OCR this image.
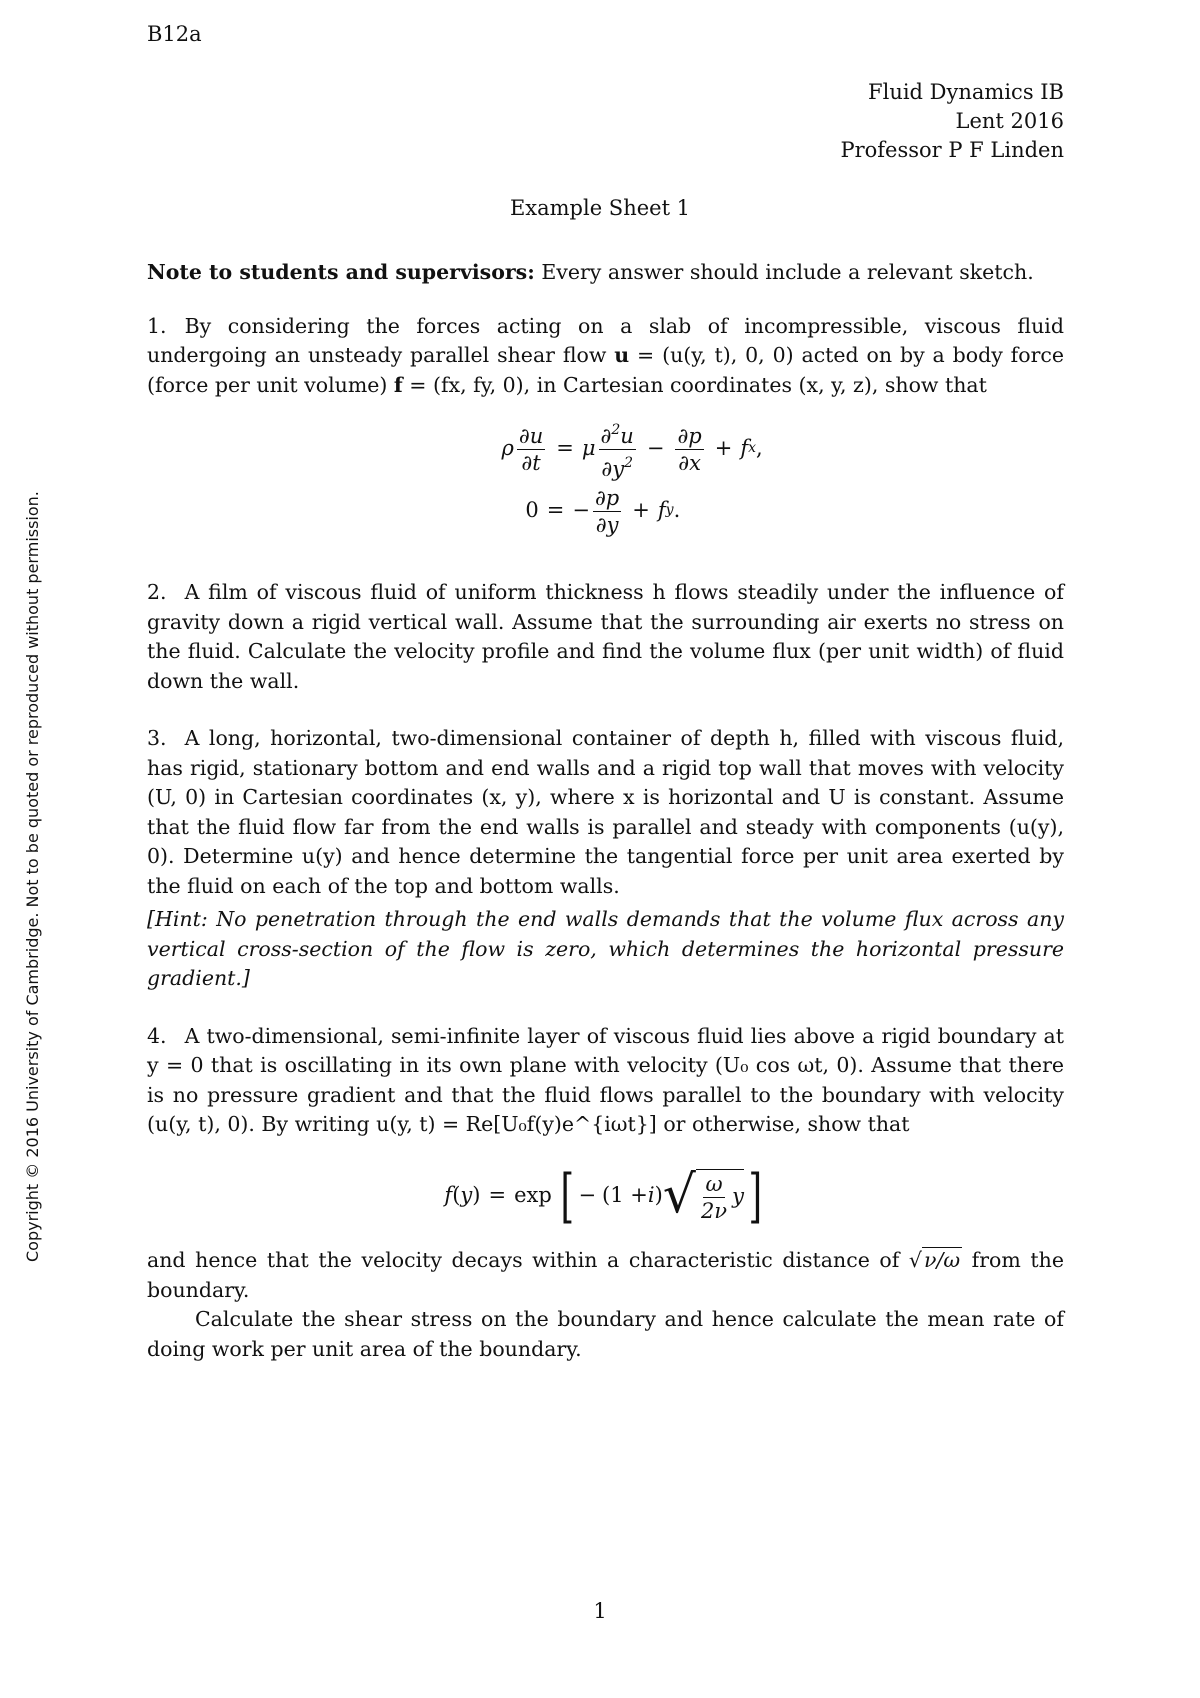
B12a
Fluid Dynamics IB
Lent 2016
Professor P F Linden
Example Sheet 1
Copyright © 2016 University of Cambridge. Not to be quoted or reproduced without permission.

Note to students and supervisors: Every answer should include a relevant sketch.

1. By considering the forces acting on a slab of incompressible, viscous fluid undergoing an unsteady parallel shear flow u = (u(y, t), 0, 0) acted on by a body force (force per unit volume) f = (fx, fy, 0), in Cartesian coordinates (x, y, z), show that

ρ $\frac{\partial u}{\partial t} = \mu \frac{\partial^2u}{\partial y^2} - \frac{\partial p}{\partial x} + f$ x ,
0 = − $\frac{\partial p}{\partial y} + f$ y .

2. A film of viscous fluid of uniform thickness h flows steadily under the influence of gravity down a rigid vertical wall. Assume that the surrounding air exerts no stress on the fluid. Calculate the velocity profile and find the volume flux (per unit width) of fluid down the wall.

3. A long, horizontal, two-dimensional container of depth h, filled with viscous fluid, has rigid, stationary bottom and end walls and a rigid top wall that moves with velocity (U, 0) in Cartesian coordinates (x, y), where x is horizontal and U is constant. Assume that the fluid flow far from the end walls is parallel and steady with components (u(y), 0). Determine u(y) and hence determine the tangential force per unit area exerted by the fluid on each of the top and bottom walls.

[Hint: No penetration through the end walls demands that the volume flux across any vertical cross-section of the flow is zero, which determines the horizontal pressure gradient.]

4. A two-dimensional, semi-infinite layer of viscous fluid lies above a rigid boundary at y = 0 that is oscillating in its own plane with velocity (U₀ cos ωt, 0). Assume that there is no pressure gradient and that the fluid flows parallel to the boundary with velocity (u(y, t), 0). By writing u(y, t) = Re[U₀f(y)e^{iωt}] or otherwise, show that

f ( y ) = exp [ − (1 + i ) √ $\frac{\omega}{2\nu}$ y ]

and hence that the velocity decays within a characteristic distance of √ν/ω from the boundary.

Calculate the shear stress on the boundary and hence calculate the mean rate of doing work per unit area of the boundary.

1
